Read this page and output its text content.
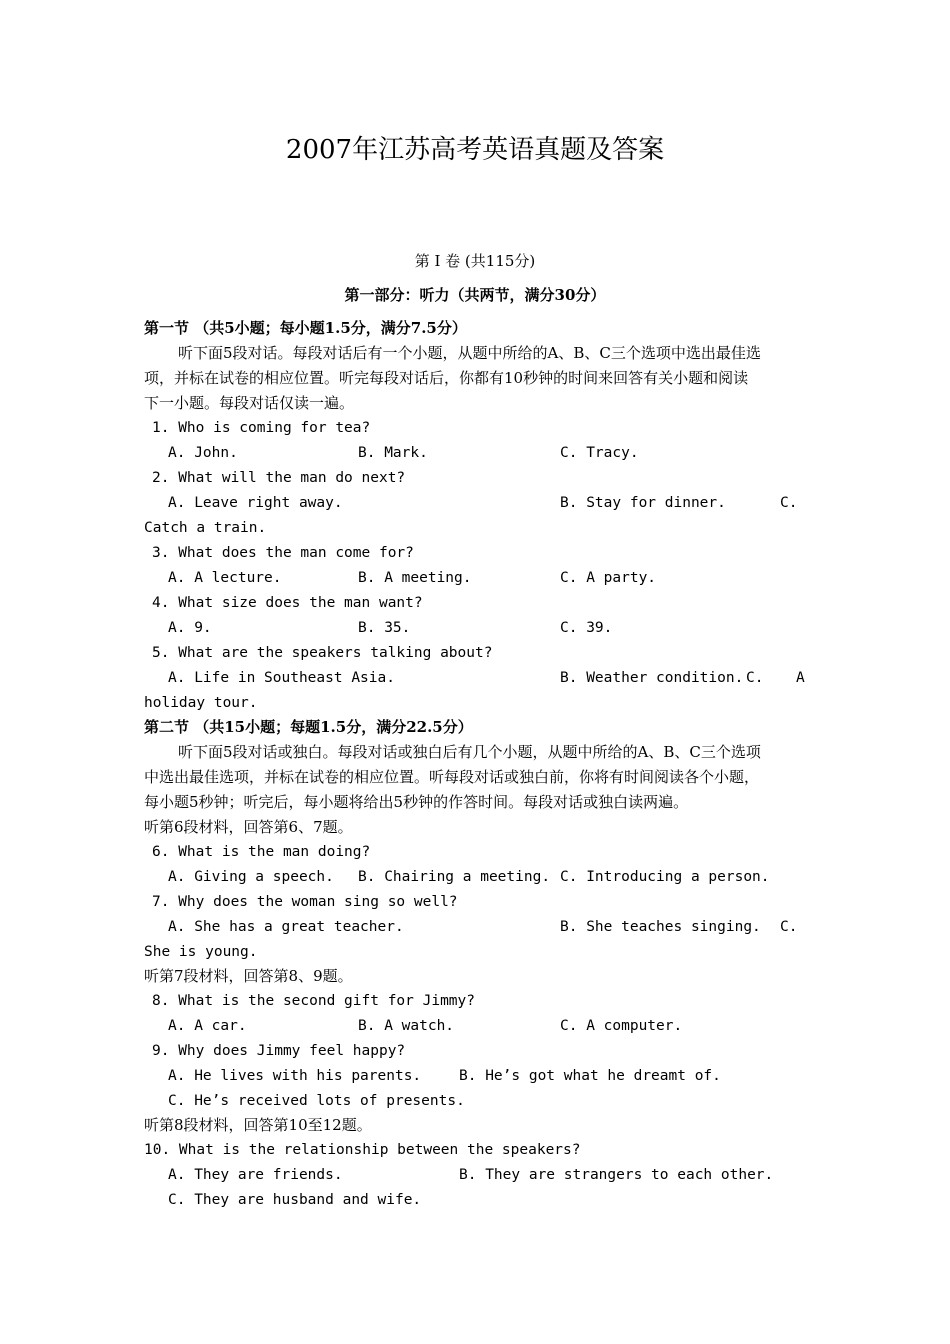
2007年江苏高考英语真题及答案
第 I 卷 (共115分)
第一部分：听力（共两节，满分30分）
第一节 （共5小题；每小题1.5分，满分7.5分）
听下面5段对话。每段对话后有一个小题，从题中所给的A、B、C三个选项中选出最佳选
项，并标在试卷的相应位置。听完每段对话后，你都有10秒钟的时间来回答有关小题和阅读
下一小题。每段对话仅读一遍。
1. Who is coming for tea?
A. John.	B. Mark.	C. Tracy.
2. What will the man do next?
A. Leave right away.	B. Stay for dinner.	C.
Catch a train.
3. What does the man come for?
A. A lecture.	B. A meeting.	C. A party.
4. What size does the man want?
A. 9.	B. 35.	C. 39.
5. What are the speakers talking about?
A. Life in Southeast Asia.	B. Weather condition. C. A
holiday tour.
第二节 （共15小题；每题1.5分，满分22.5分）
听下面5段对话或独白。每段对话或独白后有几个小题，从题中所给的A、B、C三个选项
中选出最佳选项，并标在试卷的相应位置。听每段对话或独白前，你将有时间阅读各个小题，
每小题5秒钟；听完后，每小题将给出5秒钟的作答时间。每段对话或独白读两遍。
听第6段材料，回答第6、7题。
6. What is the man doing?
A. Giving a speech. B. Chairing a meeting. C. Introducing a person.
7. Why does the woman sing so well?
A. She has a great teacher.	B. She teaches singing. C.
She is young.
听第7段材料，回答第8、9题。
8. What is the second gift for Jimmy?
A. A car.	B. A watch.	C. A computer.
9. Why does Jimmy feel happy?
A. He lives with his parents.	B. He’s got what he dreamt of.
C. He’s received lots of presents.
听第8段材料，回答第10至12题。
10. What is the relationship between the speakers?
A. They are friends.	B. They are strangers to each other.
C. They are husband and wife.
